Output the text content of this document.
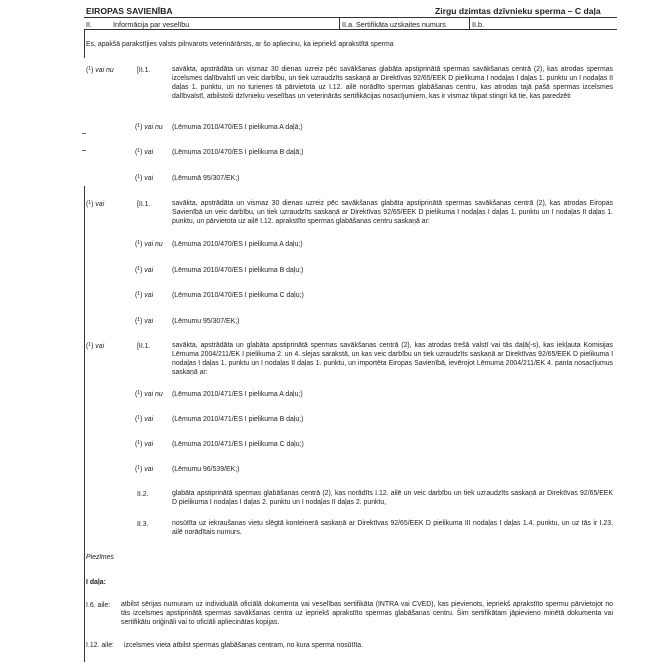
EIROPAS SAVIENĪBA	Zirgu dzimtas dzīvnieku sperma – C daļa
II.	Informācija par veselību	II.a. Sertifikāta uzskaites numurs	II.b.
Es, apakšā parakstījies valsts pilnvarots veterinārārsts, ar šo apliecinu, ka iepriekš aprakstītā sperma
($^1$) vai nu	[II.1.	savākta, apstrādāta un vismaz 30 dienas uzreiz pēc savākšanas glabāta apstiprinātā spermas savākšanas centrā (2), kas atrodas spermas izcelsmes dalībvalstī un veic darbību, un tiek uzraudzīts saskaņā ar Direktīvas 92/65/EEK D pielikuma I nodaļas I daļas 1. punktu un I nodaļas II daļas 1. punktu, un no turienes tā pārvietota uz I.12. ailē norādīto spermas glabāšanas centru, kas atrodas tajā pašā spermas izcelsmes dalībvalstī, atbilstoši dzīvnieku veselības un veterinārās sertifikācijas nosacījumiem, kas ir vismaz tikpat stingri kā tie, kas paredzēti
($^1$) vai nu (Lēmuma 2010/470/ES I pielikuma A daļā;)
($^1$) vai	(Lēmuma 2010/470/ES I pielikuma B daļā;)
($^1$) vai	(Lēmumā 95/307/EK;)
($^1$) vai	[II.1.	savākta, apstrādāta un vismaz 30 dienas uzreiz pēc savākšanas glabāta apstiprinātā spermas savākšanas centrā (2), kas atrodas Eiropas Savienībā un veic darbību, un tiek uzraudzīts saskaņā ar Direktīvas 92/65/EEK D pielikuma I nodaļas I daļas 1. punktu un I nodaļas II daļas 1. punktu, un pārvietota uz ailē I.12. aprakstīto spermas glabāšanas centru saskaņā ar:
($^1$) vai nu (Lēmuma 2010/470/ES I pielikuma A daļu;)
($^1$) vai	(Lēmuma 2010/470/ES I pielikuma B daļu;)
($^1$) vai	(Lēmuma 2010/470/ES I pielikuma C daļu;)
($^1$) vai	(Lēmumu 95/307/EK;)
($^1$) vai	[II.1.	savākta, apstrādāta un glabāta apstiprinātā spermas savākšanas centrā (2), kas atrodas trešā valstī vai tās daļā(-s), kas iekļauta Komisijas Lēmuma 2004/211/EK I pielikuma 2. un 4. slejas sarakstā, un kas veic darbību un tiek uzraudzīts saskaņā ar Direktīvas 92/65/EEK D pielikuma I nodaļas I daļas 1. punktu un I nodaļas II daļas 1. punktu, un importēta Eiropas Savienībā, ievērojot Lēmuma 2004/211/EK 4. panta nosacījumus saskaņā ar:
($^1$) vai nu (Lēmuma 2010/471/ES I pielikuma A daļu;)
($^1$) vai	(Lēmuma 2010/471/ES I pielikuma B daļu;)
($^1$) vai	(Lēmuma 2010/471/ES I pielikuma C daļu;)
($^1$) vai	(Lēmumu 96/539/EK;)
II.2.	glabāta apstiprinātā spermas glabāšanas centrā (2), kas norādīts I.12. ailē un veic darbību un tiek uzraudzīts saskaņā ar Direktīvas 92/65/EEK D pielikuma I nodaļas I daļas 2. punktu un I nodaļas II daļas 2. punktu,
II.3.	nosūtīta uz iekraušanas vietu slēgtā konteinerā saskaņā ar Direktīvas 92/65/EEK D pielikuma III nodaļas I daļas 1.4. punktu, un uz tās ir I.23. ailē norādītais numurs.
Piezīmes
I daļa:
I.6. aile: atbilst sērijas numuram uz individuālā oficiālā dokumenta vai veselības sertifikāta (INTRA vai CVED), kas pievienots, iepriekš aprakstīto spermu pārvietojot no tās izcelsmes apstiprinātā spermas savākšanas centra uz iepriekš aprakstīto spermas glabāšanas centru. Šim sertifikātam jāpievieno minētā dokumenta vai sertifikātu oriģināli vai to oficiāli apliecinātas kopijas.
I.12. aile: izcelsmes vieta atbilst spermas glabāšanas centram, no kura sperma nosūtīta.
